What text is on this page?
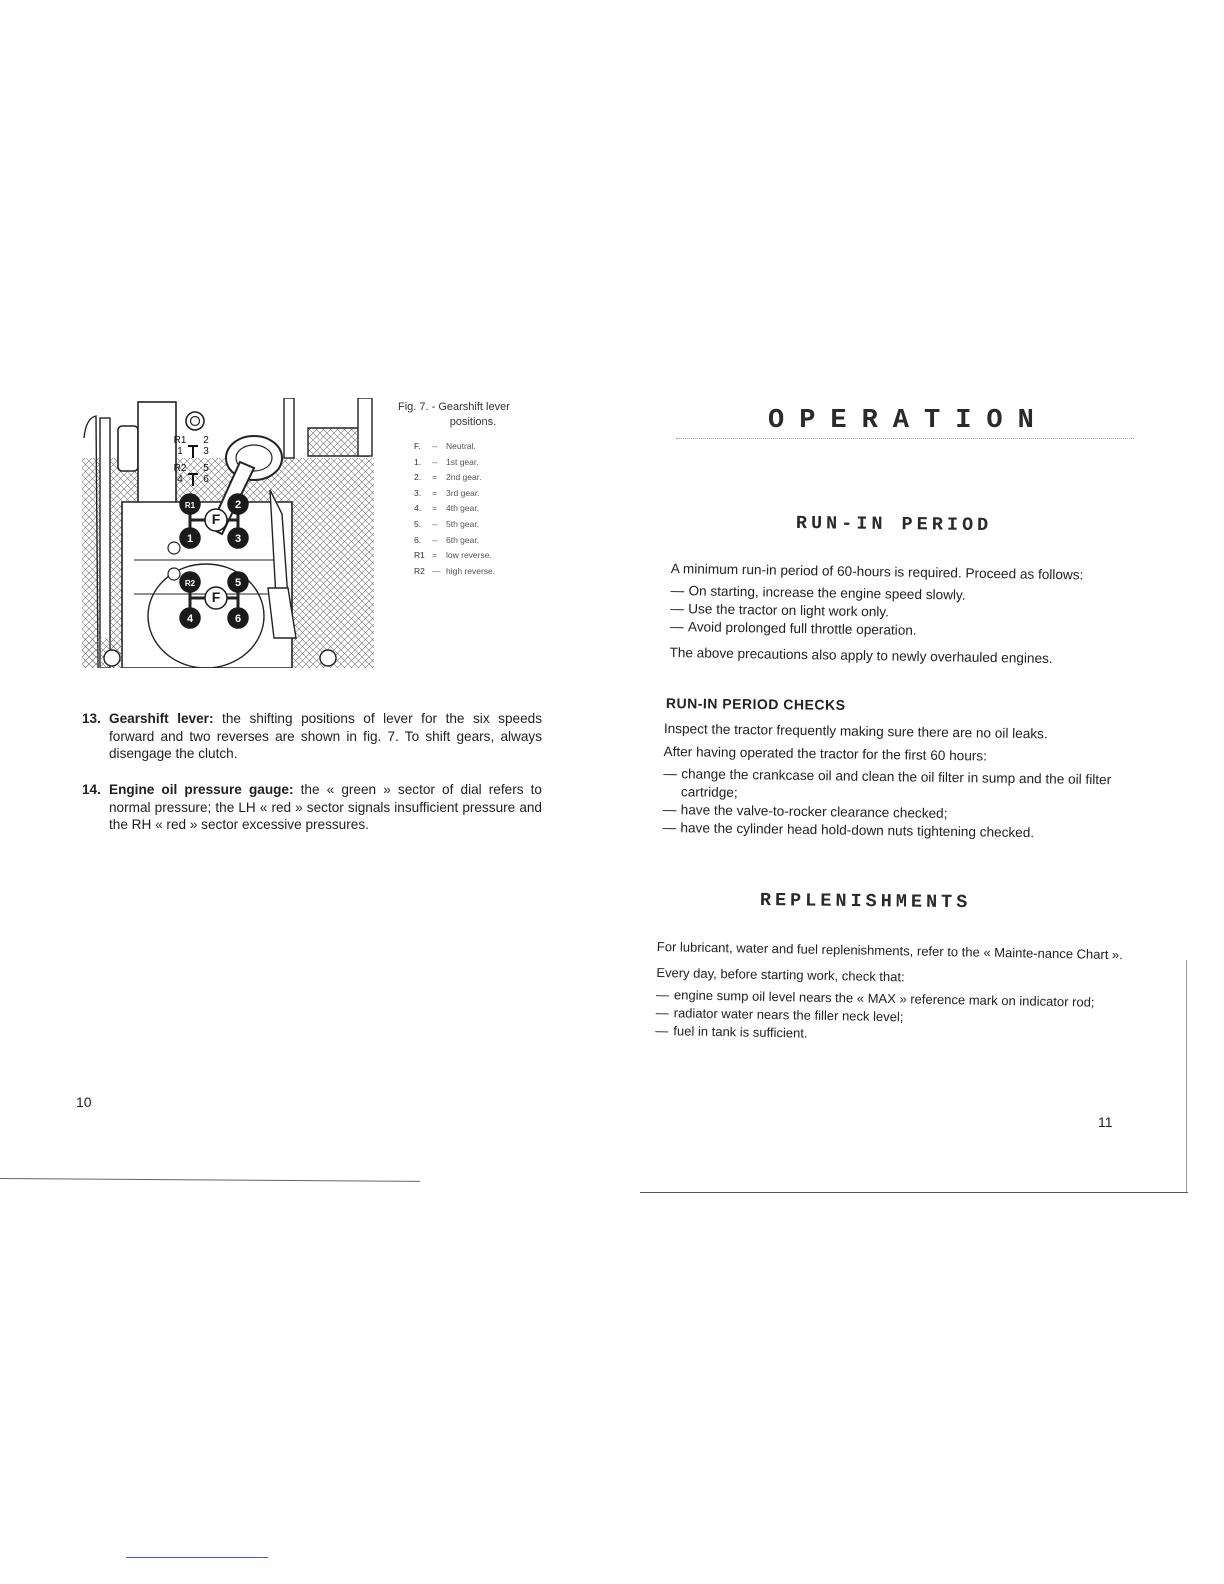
R1 2
1 3
R2 5
4 6
R1	2
F
1	3
R2	5
F
4	6
Fig. 7. - Gearshift lever
positions.
F. -- Neutral.
1. -- 1st gear.
2. = 2nd gear.
3. = 3rd gear.
4. = 4th gear.
5. -- 5th gear.
6. -- 6th gear.
R1 = low reverse.
R2 — high reverse.
13. Gearshift lever: the shifting positions of lever for the six speeds forward and two reverses are shown in fig. 7. To shift gears, always disengage the clutch.
14. Engine oil pressure gauge: the « green » sector of dial refers to normal pressure; the LH « red » sector signals insufficient pressure and the RH « red » sector excessive pressures.
10
OPERATION
RUN-IN PERIOD
A minimum run-in period of 60-hours is required. Proceed as follows:
— On starting, increase the engine speed slowly.
— Use the tractor on light work only.
— Avoid prolonged full throttle operation.
The above precautions also apply to newly overhauled engines.
RUN-IN PERIOD CHECKS
Inspect the tractor frequently making sure there are no oil leaks.
After having operated the tractor for the first 60 hours:
— change the crankcase oil and clean the oil filter in sump and the oil filter cartridge;
— have the valve-to-rocker clearance checked;
— have the cylinder head hold-down nuts tightening checked.
REPLENISHMENTS
For lubricant, water and fuel replenishments, refer to the « Mainte-nance Chart ».
Every day, before starting work, check that:
— engine sump oil level nears the « MAX » reference mark on indicator rod;
— radiator water nears the filler neck level;
— fuel in tank is sufficient.
11
